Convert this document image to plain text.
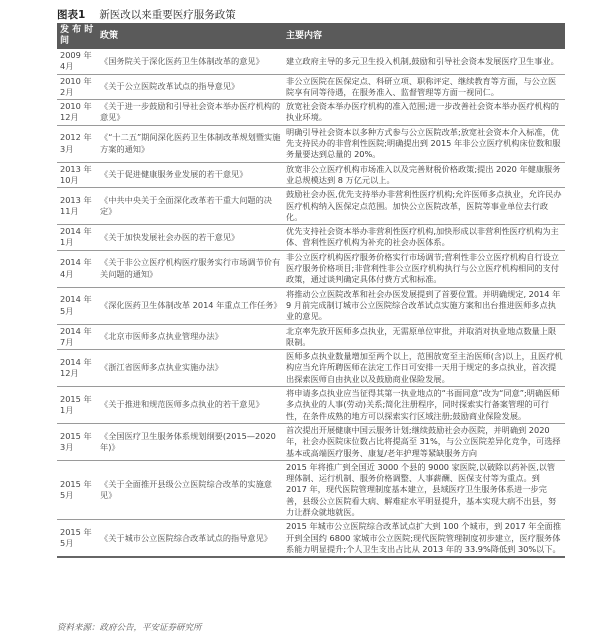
图表1 新医改以来重要医疗服务政策
发 布 时间	政策	主要内容
2009 年
4月	《国务院关于深化医药卫生体制改革的意见》	建立政府主导的多元卫生投入机制,鼓励和引导社会资本发展医疗卫生事业。
2010 年
2月	《关于公立医院改革试点的指导意见》	非公立医院在医保定点、科研立项、职称评定、继续教育等方面，与公立医院享有同等待遇，在服务准入、监督管理等方面一视同仁。
2010 年
12月	《关于进一步鼓励和引导社会资本举办医疗机构的意见》	放宽社会资本举办医疗机构的准入范围;进一步改善社会资本举办医疗机构的执业环境。
2012 年
3月	《“十二五”期间深化医药卫生体制改革规划暨实施方案的通知》	明确引导社会资本以多种方式参与公立医院改革;放宽社会资本介入标准，优先支持民办的非营利性医院;明确提出到 2015 年非公立医疗机构床位数和服务量要达到总量的 20%。
2013 年
10月	《关于促进健康服务业发展的若干意见》	放宽非公立医疗机构市场准入以及完善财税价格政策;提出 2020 年健康服务业总规模达到 8 万亿元以上。
2013 年
11月	《中共中央关于全面深化改革若干重大问题的决定》	鼓励社会办医,优先支持举办非营利性医疗机构;允许医师多点执业，允许民办医疗机构纳入医保定点范围。加快公立医院改革，医院等事业单位去行政化。
2014 年
1月	《关于加快发展社会办医的若干意见》	优先支持社会资本举办非营利性医疗机构,加快形成以非营利性医疗机构为主体、营利性医疗机构为补充的社会办医体系。
2014 年
4月	《关于非公立医疗机构医疗服务实行市场调节价有关问题的通知》	非公立医疗机构医疗服务价格实行市场调节;营利性非公立医疗机构自行设立医疗服务价格项目;非营利性非公立医疗机构执行与公立医疗机构相同的支付政策，通过谈判确定具体付费方式和标准。
2014 年
5月	《深化医药卫生体制改革 2014 年重点工作任务》	将推动公立医院改革和社会办医发展提到了首要位置。并明确规定, 2014 年 9 月前完成制订城市公立医院综合改革试点实施方案和出台推进医师多点执业的意见。
2014 年
7月	《北京市医师多点执业管理办法》	北京率先放开医师多点执业，无需原单位审批，并取消对执业地点数量上限限制。
2014 年
12月	《浙江省医师多点执业实施办法》	医师多点执业数量增加至两个以上，范围放宽至主治医师(含)以上，且医疗机构应当允许所聘医师在法定工作日可安排一天用于规定的多点执业，首次提出探索医师自由执业以及鼓励商业保险发展。
2015 年
1月	《关于推进和规范医师多点执业的若干意见》	将申请多点执业应当征得其第一执业地点的“书面同意”改为“同意”;明确医师多点执业的人事(劳动)关系;简化注册程序，同时探索实行备案管理的可行性，在条件成熟的地方可以探索实行区域注册;鼓励商业保险发展。
2015 年
3月	《全国医疗卫生服务体系规划纲要(2015—2020 年)》	首次提出开展健康中国云服务计划;继续鼓励社会办医院，并明确到 2020 年，社会办医院床位数占比将提高至 31%，与公立医院差异化竞争，可选择基本或高端医疗服务、康复/老年护理等紧缺服务方向
2015 年
5月	《关于全面推开县级公立医院综合改革的实施意见》	2015 年将推广到全国近 3000 个县的 9000 家医院,以破除以药补医,以管理体制、运行机制、服务价格调整、人事薪酬、医保支付等为重点。到 2017 年，现代医院管理制度基本建立，县域医疗卫生服务体系进一步完善，县级公立医院看大病、解难症水平明显提升，基本实现大病不出县，努力让群众就地就医。
2015 年
5月	《关于城市公立医院综合改革试点的指导意见》	2015 年城市公立医院综合改革试点扩大到 100 个城市，到 2017 年全面推开到全国约 6800 家城市公立医院;现代医院管理制度初步建立，医疗服务体系能力明显提升;个人卫生支出占比从 2013 年的 33.9%降低到 30%以下。
资料来源：政府公告，平安证券研究所
